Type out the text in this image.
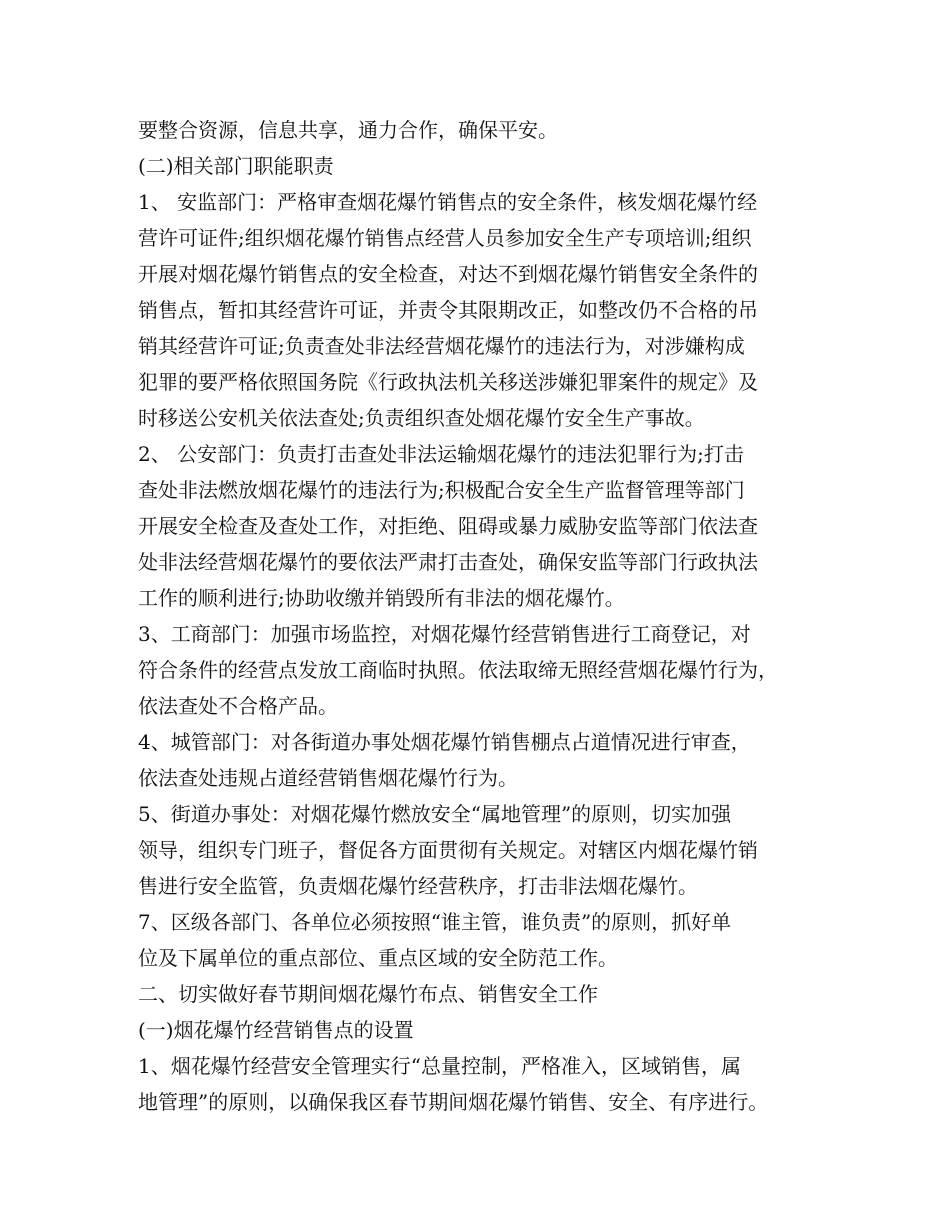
要整合资源，信息共享，通力合作，确保平安。

(二)相关部门职能职责

1、 安监部门：严格审查烟花爆竹销售点的安全条件，核发烟花爆竹经

营许可证件;组织烟花爆竹销售点经营人员参加安全生产专项培训;组织

开展对烟花爆竹销售点的安全检查，对达不到烟花爆竹销售安全条件的

销售点，暂扣其经营许可证，并责令其限期改正，如整改仍不合格的吊

销其经营许可证;负责查处非法经营烟花爆竹的违法行为，对涉嫌构成

犯罪的要严格依照国务院《行政执法机关移送涉嫌犯罪案件的规定》及

时移送公安机关依法查处;负责组织查处烟花爆竹安全生产事故。

2、 公安部门：负责打击查处非法运输烟花爆竹的违法犯罪行为;打击

查处非法燃放烟花爆竹的违法行为;积极配合安全生产监督管理等部门

开展安全检查及查处工作，对拒绝、阻碍或暴力威胁安监等部门依法查

处非法经营烟花爆竹的要依法严肃打击查处，确保安监等部门行政执法

工作的顺利进行;协助收缴并销毁所有非法的烟花爆竹。

3、工商部门：加强市场监控，对烟花爆竹经营销售进行工商登记，对

符合条件的经营点发放工商临时执照。依法取缔无照经营烟花爆竹行为，

依法查处不合格产品。

4、城管部门：对各街道办事处烟花爆竹销售棚点占道情况进行审查，

依法查处违规占道经营销售烟花爆竹行为。

5、街道办事处：对烟花爆竹燃放安全“属地管理”的原则，切实加强

领导，组织专门班子，督促各方面贯彻有关规定。对辖区内烟花爆竹销

售进行安全监管，负责烟花爆竹经营秩序，打击非法烟花爆竹。

7、区级各部门、各单位必须按照“谁主管，谁负责”的原则，抓好单

位及下属单位的重点部位、重点区域的安全防范工作。

二、切实做好春节期间烟花爆竹布点、销售安全工作

(一)烟花爆竹经营销售点的设置

1、烟花爆竹经营安全管理实行“总量控制，严格准入，区域销售，属

地管理”的原则，以确保我区春节期间烟花爆竹销售、安全、有序进行。
